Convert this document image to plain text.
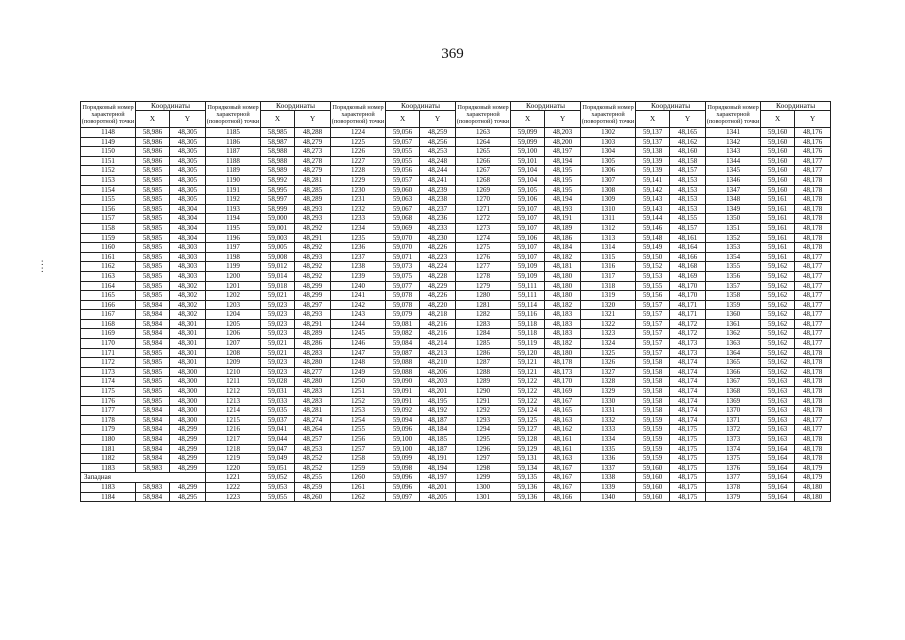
369
:
:
Порядковый номер характерной (поворотной) точки	Координаты		Порядковый номер характерной (поворотной) точки	Координаты		Порядковый номер характерной (поворотной) точки	Координаты		Порядковый номер характерной (поворотной) точки	Координаты		Порядковый номер характерной (поворотной) точки	Координаты		Порядковый номер характерной (поворотной) точки	Координаты	
	X	Y		X	Y		X	Y		X	Y		X	Y		X	Y
1148	58,986	48,305	1185	58,985	48,288	1224	59,056	48,259	1263	59,099	48,203	1302	59,137	48,165	1341	59,160	48,176
1149	58,986	48,305	1186	58,987	48,279	1225	59,057	48,256	1264	59,099	48,200	1303	59,137	48,162	1342	59,160	48,176
1150	58,986	48,305	1187	58,988	48,273	1226	59,055	48,253	1265	59,100	48,197	1304	59,138	48,160	1343	59,160	48,176
1151	58,986	48,305	1188	58,988	48,278	1227	59,055	48,248	1266	59,101	48,194	1305	59,139	48,158	1344	59,160	48,177
1152	58,985	48,305	1189	58,989	48,279	1228	59,056	48,244	1267	59,104	48,195	1306	59,139	48,157	1345	59,160	48,177
1153	58,985	48,305	1190	58,992	48,281	1229	59,057	48,241	1268	59,104	48,195	1307	59,141	48,153	1346	59,160	48,178
1154	58,985	48,305	1191	58,995	48,285	1230	59,060	48,239	1269	59,105	48,195	1308	59,142	48,153	1347	59,160	48,178
1155	58,985	48,305	1192	58,997	48,289	1231	59,063	48,238	1270	59,106	48,194	1309	59,143	48,153	1348	59,161	48,178
1156	58,985	48,304	1193	58,999	48,293	1232	59,067	48,237	1271	59,107	48,193	1310	59,143	48,153	1349	59,161	48,178
1157	58,985	48,304	1194	59,000	48,293	1233	59,068	48,236	1272	59,107	48,191	1311	59,144	48,155	1350	59,161	48,178
1158	58,985	48,304	1195	59,001	48,292	1234	59,069	48,233	1273	59,107	48,189	1312	59,146	48,157	1351	59,161	48,178
1159	58,985	48,304	1196	59,003	48,291	1235	59,070	48,230	1274	59,106	48,186	1313	59,148	48,161	1352	59,161	48,178
1160	58,985	48,303	1197	59,005	48,292	1236	59,070	48,226	1275	59,107	48,184	1314	59,149	48,164	1353	59,161	48,178
1161	58,985	48,303	1198	59,008	48,293	1237	59,071	48,223	1276	59,107	48,182	1315	59,150	48,166	1354	59,161	48,177
1162	58,985	48,303	1199	59,012	48,292	1238	59,073	48,224	1277	59,109	48,181	1316	59,152	48,168	1355	59,162	48,177
1163	58,985	48,303	1200	59,014	48,292	1239	59,075	48,228	1278	59,109	48,180	1317	59,153	48,169	1356	59,162	48,177
1164	58,985	48,302	1201	59,018	48,299	1240	59,077	48,229	1279	59,111	48,180	1318	59,155	48,170	1357	59,162	48,177
1165	58,985	48,302	1202	59,021	48,299	1241	59,078	48,226	1280	59,111	48,180	1319	59,156	48,170	1358	59,162	48,177
1166	58,984	48,302	1203	59,023	48,297	1242	59,078	48,220	1281	59,114	48,182	1320	59,157	48,171	1359	59,162	48,177
1167	58,984	48,302	1204	59,023	48,293	1243	59,079	48,218	1282	59,116	48,183	1321	59,157	48,171	1360	59,162	48,177
1168	58,984	48,301	1205	59,023	48,291	1244	59,081	48,216	1283	59,118	48,183	1322	59,157	48,172	1361	59,162	48,177
1169	58,984	48,301	1206	59,023	48,289	1245	59,082	48,216	1284	59,118	48,183	1323	59,157	48,172	1362	59,162	48,177
1170	58,984	48,301	1207	59,021	48,286	1246	59,084	48,214	1285	59,119	48,182	1324	59,157	48,173	1363	59,162	48,177
1171	58,985	48,301	1208	59,021	48,283	1247	59,087	48,213	1286	59,120	48,180	1325	59,157	48,173	1364	59,162	48,178
1172	58,985	48,301	1209	59,023	48,280	1248	59,088	48,210	1287	59,121	48,178	1326	59,158	48,174	1365	59,162	48,178
1173	58,985	48,300	1210	59,023	48,277	1249	59,088	48,206	1288	59,121	48,173	1327	59,158	48,174	1366	59,162	48,178
1174	58,985	48,300	1211	59,028	48,280	1250	59,090	48,203	1289	59,122	48,170	1328	59,158	48,174	1367	59,163	48,178
1175	58,985	48,300	1212	59,031	48,283	1251	59,091	48,201	1290	59,122	48,169	1329	59,158	48,174	1368	59,163	48,178
1176	58,985	48,300	1213	59,033	48,283	1252	59,091	48,195	1291	59,122	48,167	1330	59,158	48,174	1369	59,163	48,178
1177	58,984	48,300	1214	59,035	48,281	1253	59,092	48,192	1292	59,124	48,165	1331	59,158	48,174	1370	59,163	48,178
1178	58,984	48,300	1215	59,037	48,274	1254	59,094	48,187	1293	59,125	48,163	1332	59,159	48,174	1371	59,163	48,177
1179	58,984	48,299	1216	59,041	48,264	1255	59,096	48,184	1294	59,127	48,162	1333	59,159	48,175	1372	59,163	48,177
1180	58,984	48,299	1217	59,044	48,257	1256	59,100	48,185	1295	59,128	48,161	1334	59,159	48,175	1373	59,163	48,178
1181	58,984	48,299	1218	59,047	48,253	1257	59,100	48,187	1296	59,129	48,161	1335	59,159	48,175	1374	59,164	48,178
1182	58,984	48,299	1219	59,049	48,252	1258	59,099	48,191	1297	59,131	48,163	1336	59,159	48,175	1375	59,164	48,178
1183	58,983	48,299	1220	59,051	48,252	1259	59,098	48,194	1298	59,134	48,167	1337	59,160	48,175	1376	59,164	48,179
Западная			1221	59,052	48,255	1260	59,096	48,197	1299	59,135	48,167	1338	59,160	48,175	1377	59,164	48,179
1183	58,983	48,299	1222	59,053	48,259	1261	59,096	48,201	1300	59,136	48,167	1339	59,160	48,175	1378	59,164	48,180
1184	58,984	48,295	1223	59,055	48,260	1262	59,097	48,205	1301	59,136	48,166	1340	59,160	48,175	1379	59,164	48,180
